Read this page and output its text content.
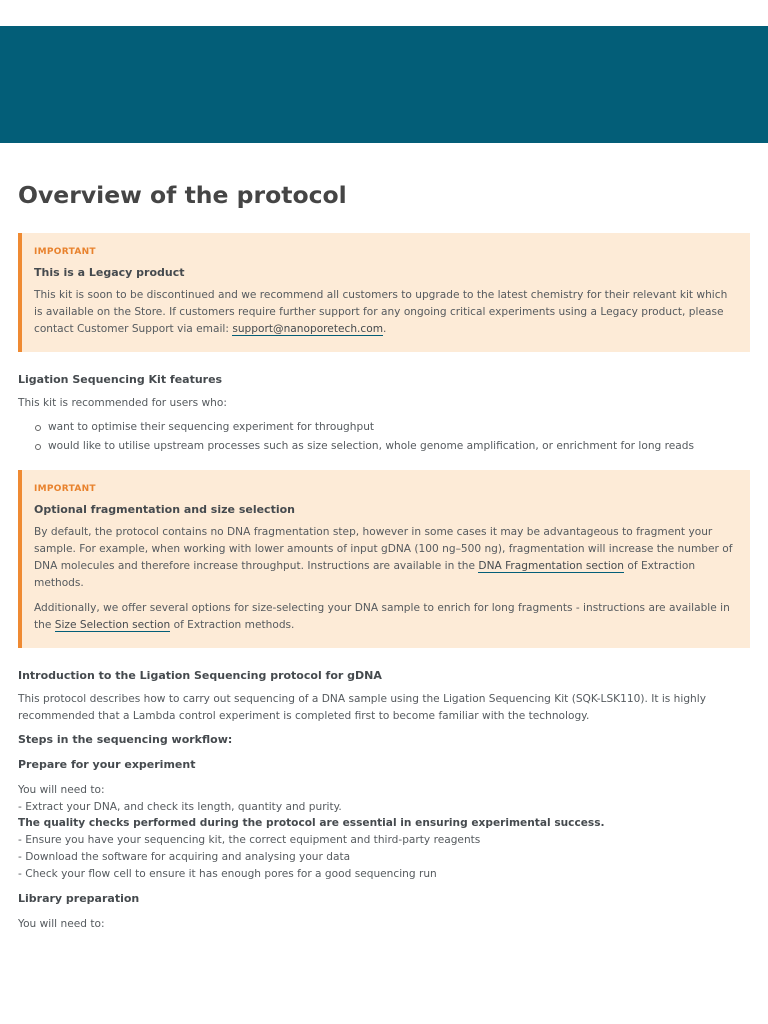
Overview of the protocol
IMPORTANT
This is a Legacy product

This kit is soon to be discontinued and we recommend all customers to upgrade to the latest chemistry for their relevant kit which is available on the Store. If customers require further support for any ongoing critical experiments using a Legacy product, please contact Customer Support via email: support@nanoporetech.com.

Ligation Sequencing Kit features

This kit is recommended for users who:

want to optimise their sequencing experiment for throughput
would like to utilise upstream processes such as size selection, whole genome amplification, or enrichment for long reads
IMPORTANT
Optional fragmentation and size selection

By default, the protocol contains no DNA fragmentation step, however in some cases it may be advantageous to fragment your sample. For example, when working with lower amounts of input gDNA (100 ng–500 ng), fragmentation will increase the number of DNA molecules and therefore increase throughput. Instructions are available in the DNA Fragmentation section of Extraction methods.

Additionally, we offer several options for size-selecting your DNA sample to enrich for long fragments - instructions are available in the Size Selection section of Extraction methods.

Introduction to the Ligation Sequencing protocol for gDNA

This protocol describes how to carry out sequencing of a DNA sample using the Ligation Sequencing Kit (SQK-LSK110). It is highly recommended that a Lambda control experiment is completed first to become familiar with the technology.

Steps in the sequencing workflow:
Prepare for your experiment
You will need to:
- Extract your DNA, and check its length, quantity and purity.
The quality checks performed during the protocol are essential in ensuring experimental success.
- Ensure you have your sequencing kit, the correct equipment and third-party reagents
- Download the software for acquiring and analysing your data
- Check your flow cell to ensure it has enough pores for a good sequencing run
Library preparation
You will need to:
